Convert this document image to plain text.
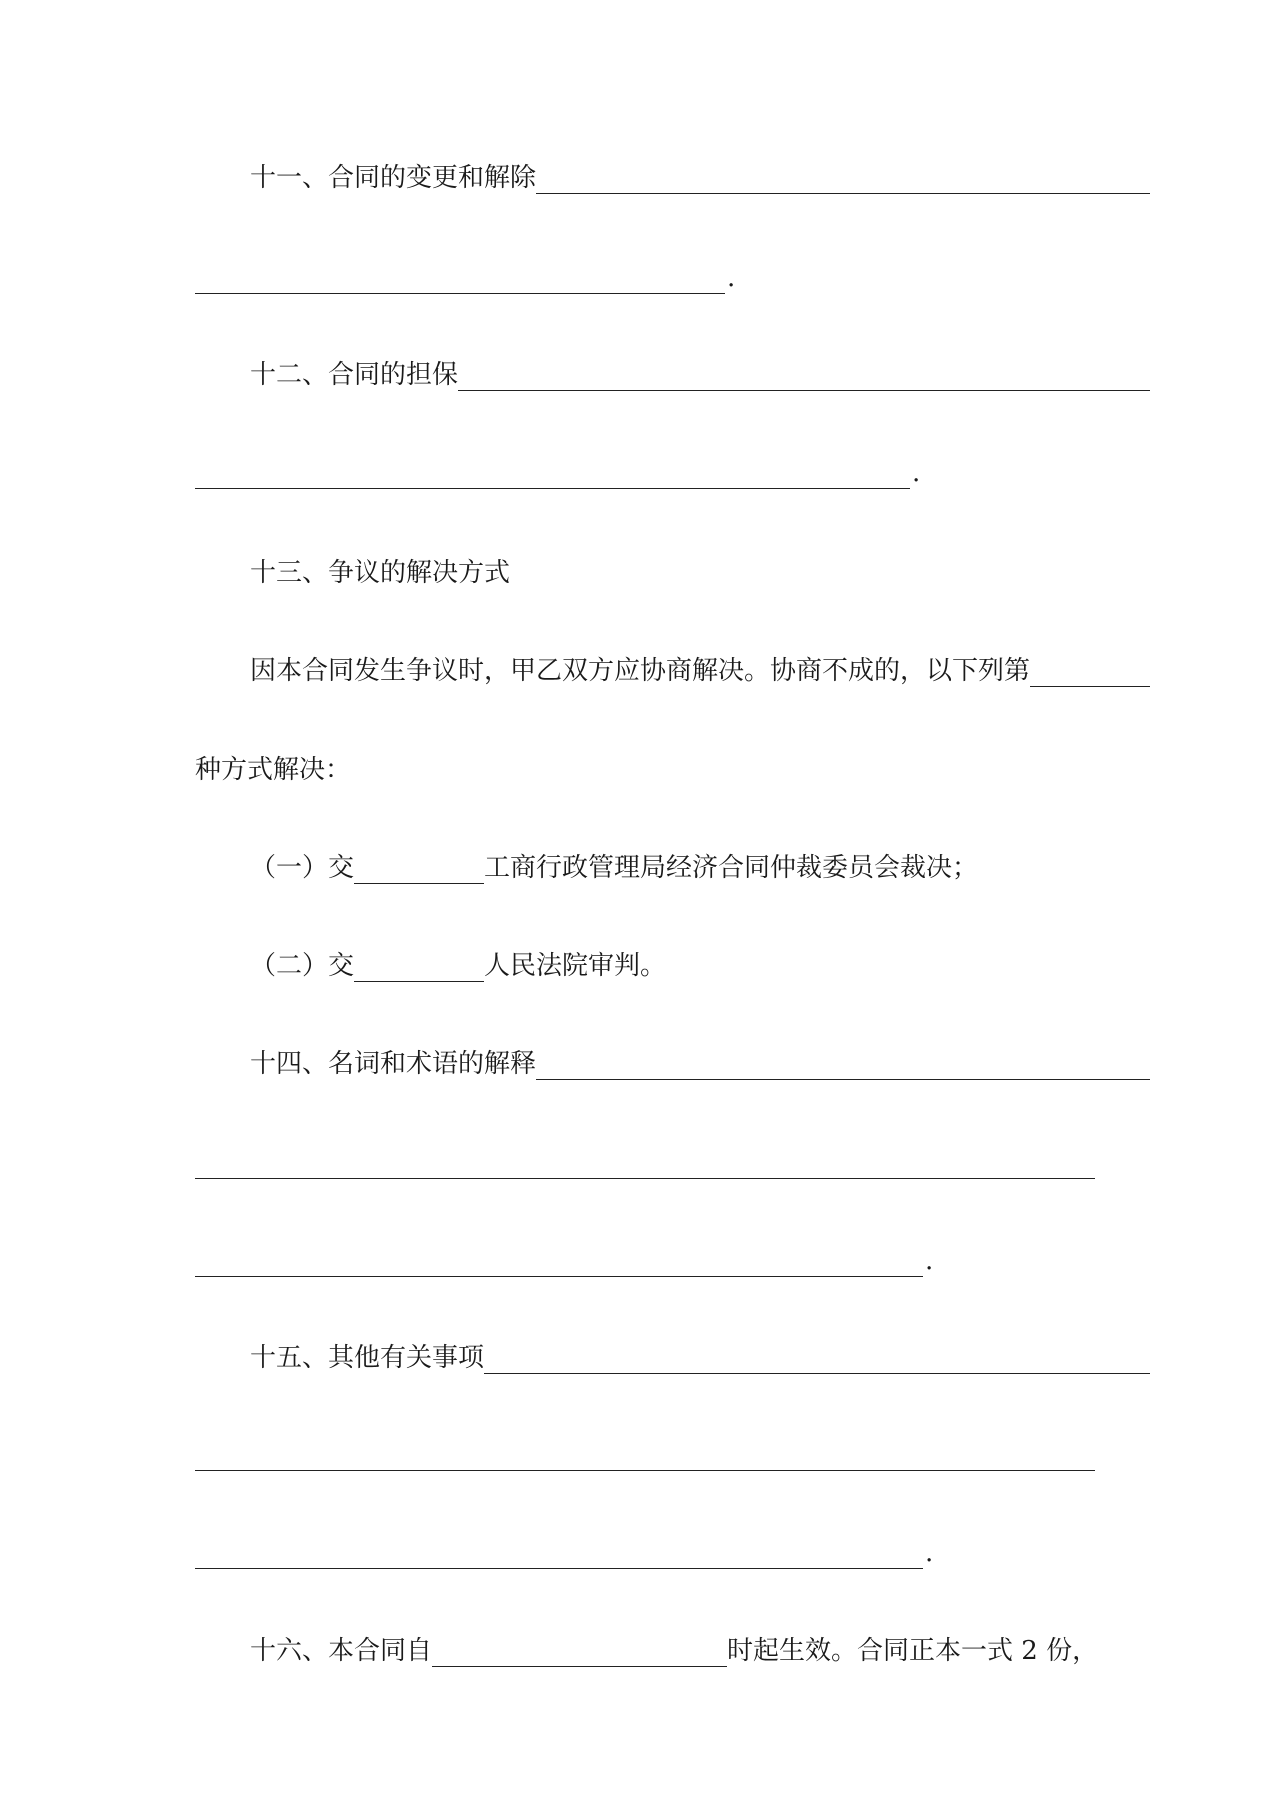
十一、合同的变更和解除
.
十二、合同的担保
.
十三、争议的解决方式
因本合同发生争议时，甲乙双方应协商解决。协商不成的，以下列第
种方式解决：
（一）交	工商行政管理局经济合同仲裁委员会裁决；
（二）交	人民法院审判。
十四、名词和术语的解释
.
十五、其他有关事项
.
十六、本合同自	时起生效。合同正本一式 2 份，
